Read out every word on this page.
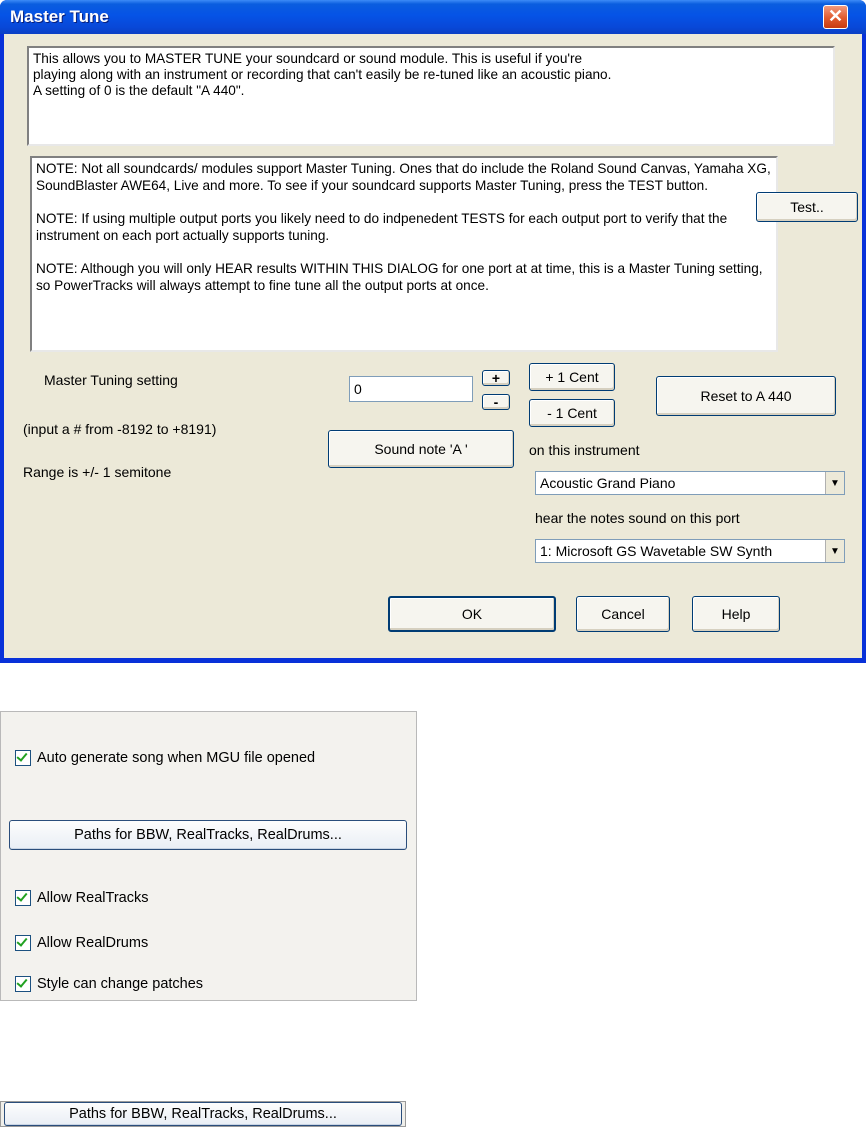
Master Tune	✕
This allows you to MASTER TUNE your soundcard or sound module. This is useful if you're
playing along with an instrument or recording that can't easily be re-tuned like an acoustic piano.
A setting of 0 is the default "A 440".

NOTE: Not all soundcards/ modules support Master Tuning. Ones that do include the Roland Sound Canvas, Yamaha XG, SoundBlaster AWE64, Live and more. To see if your soundcard supports Master Tuning, press the TEST button.

NOTE: If using multiple output ports you likely need to do indpenedent TESTS for each output port to verify that the instrument on each port actually supports tuning.

NOTE: Although you will only HEAR results WITHIN THIS DIALOG for one port at at time, this is a Master Tuning setting, so PowerTracks will always attempt to fine tune all the output ports at once.

Test..
Master Tuning setting
0
+
-
+ 1 Cent
- 1 Cent
Reset to A 440
(input a # from -8192 to +8191)
Sound note 'A '	on this instrument
Range is +/- 1 semitone
Acoustic Grand Piano	▼
hear the notes sound on this port
1: Microsoft GS Wavetable SW Synth	▼
OK	Cancel	Help
Auto generate song when MGU file opened
Paths for BBW, RealTracks, RealDrums...
Allow RealTracks
Allow RealDrums
Style can change patches
Paths for BBW, RealTracks, RealDrums...
